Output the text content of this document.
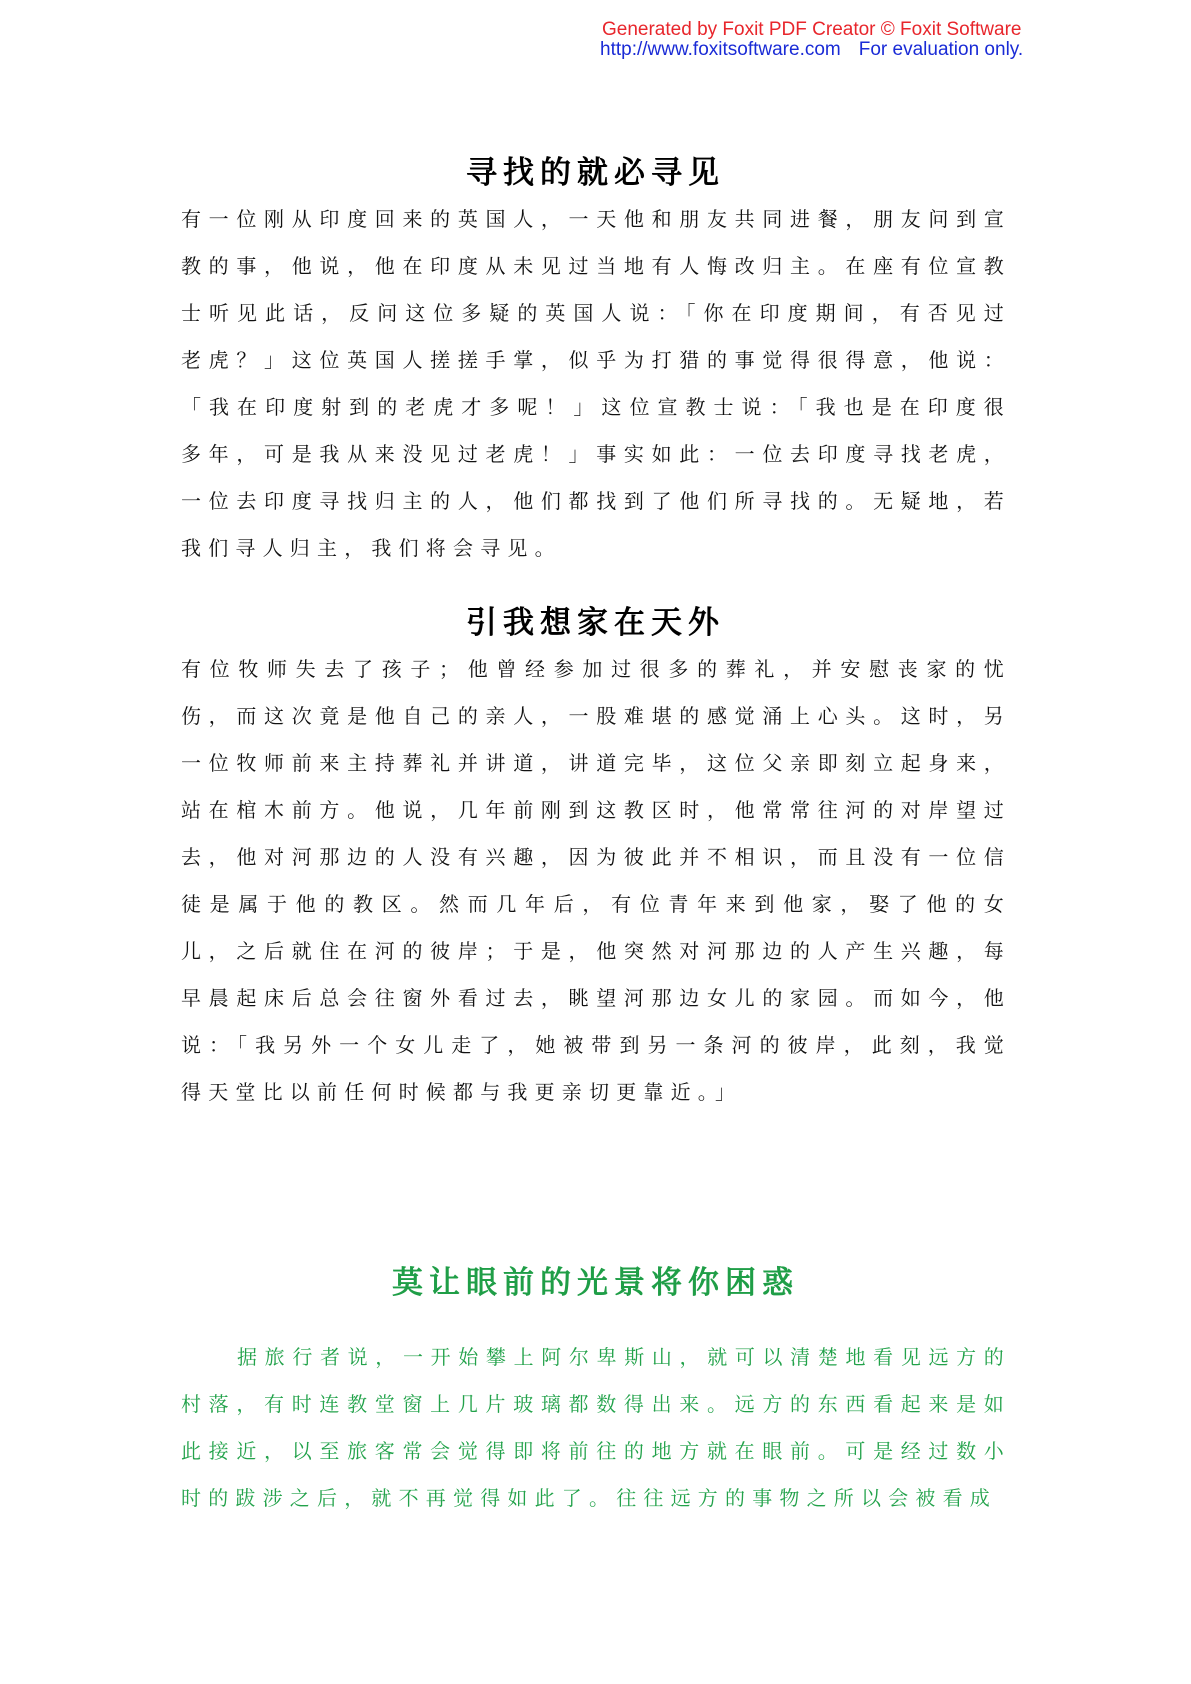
Generated by Foxit PDF Creator © Foxit Software
http://www.foxitsoftware.com For evaluation only.
寻找的就必寻见
有一位刚从印度回来的英国人，一天他和朋友共同进餐，朋友问到宣教的事，他说，他在印度从未见过当地有人悔改归主。在座有位宣教士听见此话，反问这位多疑的英国人说：「你在印度期间，有否见过老虎？」这位英国人搓搓手掌，似乎为打猎的事觉得很得意，他说：「我在印度射到的老虎才多呢！」这位宣教士说：「我也是在印度很多年，可是我从来没见过老虎！」事实如此：一位去印度寻找老虎，一位去印度寻找归主的人，他们都找到了他们所寻找的。无疑地，若我们寻人归主，我们将会寻见。
引我想家在天外
有位牧师失去了孩子；他曾经参加过很多的葬礼，并安慰丧家的忧伤，而这次竟是他自己的亲人，一股难堪的感觉涌上心头。这时，另一位牧师前来主持葬礼并讲道，讲道完毕，这位父亲即刻立起身来，站在棺木前方。他说，几年前刚到这教区时，他常常往河的对岸望过去，他对河那边的人没有兴趣，因为彼此并不相识，而且没有一位信徒是属于他的教区。然而几年后，有位青年来到他家，娶了他的女儿，之后就住在河的彼岸；于是，他突然对河那边的人产生兴趣，每早晨起床后总会往窗外看过去，眺望河那边女儿的家园。而如今，他说：「我另外一个女儿走了，她被带到另一条河的彼岸，此刻，我觉得天堂比以前任何时候都与我更亲切更靠近。」
莫让眼前的光景将你困惑
据旅行者说，一开始攀上阿尔卑斯山，就可以清楚地看见远方的村落，有时连教堂窗上几片玻璃都数得出来。远方的东西看起来是如此接近，以至旅客常会觉得即将前往的地方就在眼前。可是经过数小时的跋涉之后，就不再觉得如此了。往往远方的事物之所以会被看成
